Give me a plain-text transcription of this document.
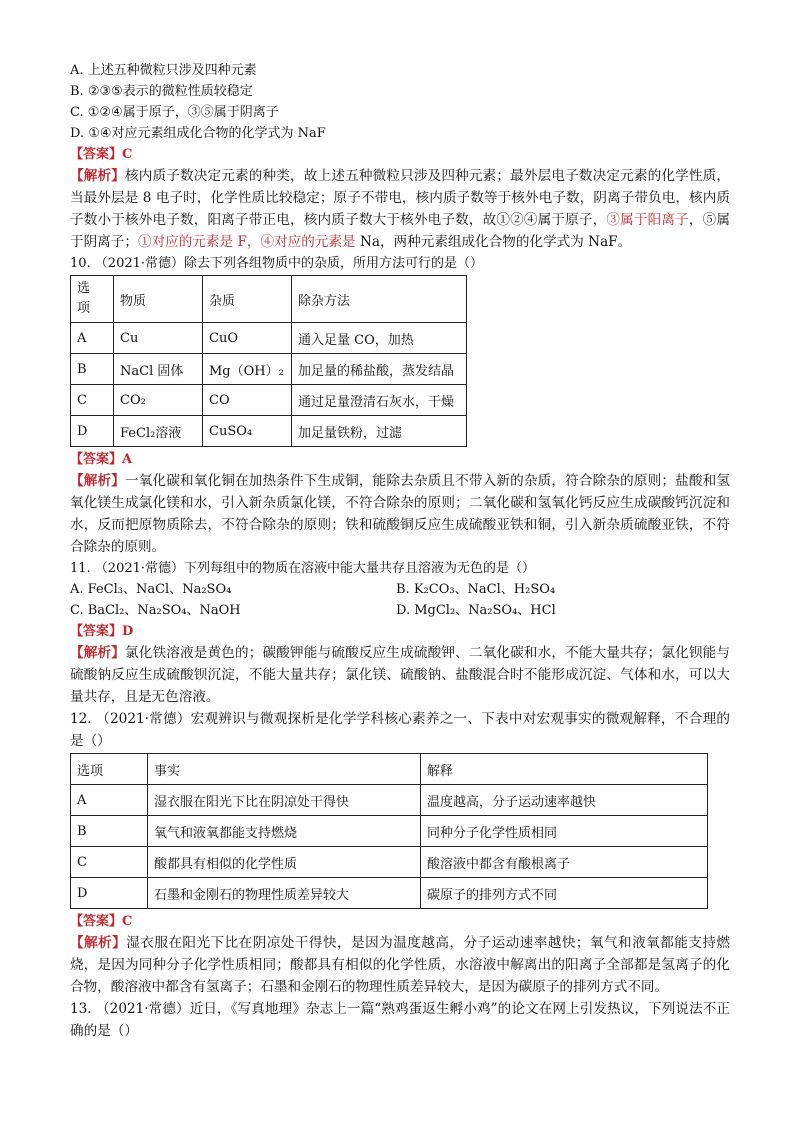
A. 上述五种微粒只涉及四种元素
B. ②③⑤表示的微粒性质较稳定
C. ①②④属于原子，③⑤属于阴离子
D. ①④对应元素组成化合物的化学式为 NaF
【答案】C
【解析】核内质子数决定元素的种类，故上述五种微粒只涉及四种元素；最外层电子数决定元素的化学性质，当最外层是 8 电子时，化学性质比较稳定；原子不带电，核内质子数等于核外电子数，阴离子带负电，核内质子数小于核外电子数，阳离子带正电，核内质子数大于核外电子数，故①②④属于原子，③属于阳离子，⑤属于阴离子；①对应的元素是 F，④对应的元素是 Na，两种元素组成化合物的化学式为 NaF。
10. （2021·常德）除去下列各组物质中的杂质，所用方法可行的是（）
选项	物质	杂质	除杂方法
A	Cu	CuO	通入足量 CO，加热
B	NaCl 固体	Mg（OH）₂	加足量的稀盐酸，蒸发结晶
C	CO₂	CO	通过足量澄清石灰水，干燥
D	FeCl₂溶液	CuSO₄	加足量铁粉，过滤
【答案】A
【解析】一氧化碳和氧化铜在加热条件下生成铜，能除去杂质且不带入新的杂质，符合除杂的原则；盐酸和氢氧化镁生成氯化镁和水，引入新杂质氯化镁，不符合除杂的原则；二氧化碳和氢氧化钙反应生成碳酸钙沉淀和水，反而把原物质除去，不符合除杂的原则；铁和硫酸铜反应生成硫酸亚铁和铜，引入新杂质硫酸亚铁，不符合除杂的原则。
11. （2021·常德）下列每组中的物质在溶液中能大量共存且溶液为无色的是（）
A. FeCl₃、NaCl、Na₂SO₄	B. K₂CO₃、NaCl、H₂SO₄
C. BaCl₂、Na₂SO₄、NaOH	D. MgCl₂、Na₂SO₄、HCl
【答案】D
【解析】氯化铁溶液是黄色的；碳酸钾能与硫酸反应生成硫酸钾、二氧化碳和水，不能大量共存；氯化钡能与硫酸钠反应生成硫酸钡沉淀，不能大量共存；氯化镁、硫酸钠、盐酸混合时不能形成沉淀、气体和水，可以大量共存，且是无色溶液。
12. （2021·常德）宏观辨识与微观探析是化学学科核心素养之一、下表中对宏观事实的微观解释，不合理的是（）
选项	事实	解释
A	湿衣服在阳光下比在阴凉处干得快	温度越高，分子运动速率越快
B	氧气和液氧都能支持燃烧	同种分子化学性质相同
C	酸都具有相似的化学性质	酸溶液中都含有酸根离子
D	石墨和金刚石的物理性质差异较大	碳原子的排列方式不同
【答案】C
【解析】湿衣服在阳光下比在阴凉处干得快，是因为温度越高，分子运动速率越快；氧气和液氧都能支持燃烧，是因为同种分子化学性质相同；酸都具有相似的化学性质，水溶液中解离出的阳离子全部都是氢离子的化合物，酸溶液中都含有氢离子；石墨和金刚石的物理性质差异较大，是因为碳原子的排列方式不同。
13. （2021·常德）近日，《写真地理》杂志上一篇“熟鸡蛋返生孵小鸡”的论文在网上引发热议，下列说法不正确的是（）
